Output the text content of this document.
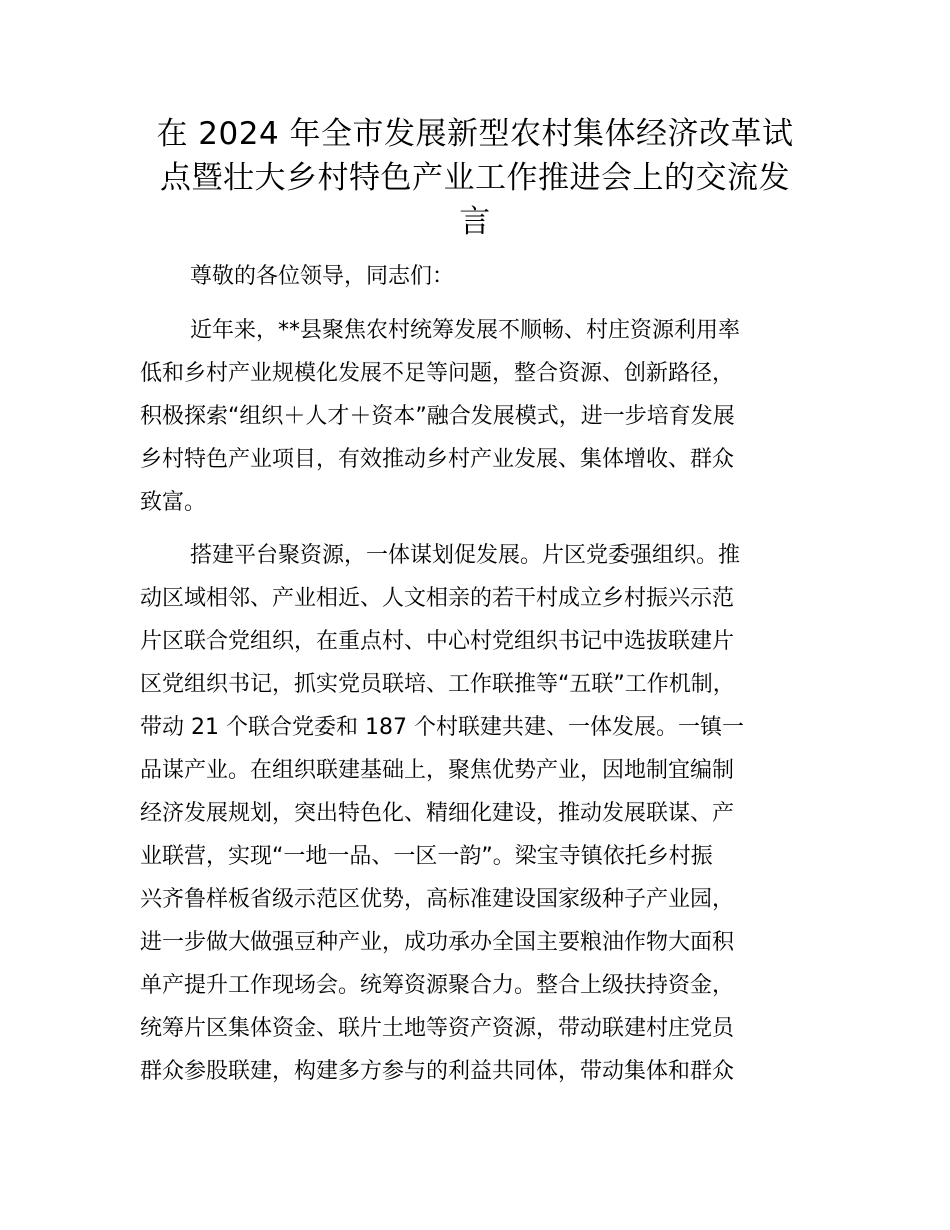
在 2024 年全市发展新型农村集体经济改革试
点暨壮大乡村特色产业工作推进会上的交流发
言
尊敬的各位领导，同志们：
近年来，**县聚焦农村统筹发展不顺畅、村庄资源利用率
低和乡村产业规模化发展不足等问题，整合资源、创新路径，
积极探索“组织＋人才＋资本”融合发展模式，进一步培育发展
乡村特色产业项目，有效推动乡村产业发展、集体增收、群众
致富。
搭建平台聚资源，一体谋划促发展。片区党委强组织。推
动区域相邻、产业相近、人文相亲的若干村成立乡村振兴示范
片区联合党组织，在重点村、中心村党组织书记中选拔联建片
区党组织书记，抓实党员联培、工作联推等“五联”工作机制，
带动 21 个联合党委和 187 个村联建共建、一体发展。一镇一
品谋产业。在组织联建基础上，聚焦优势产业，因地制宜编制
经济发展规划，突出特色化、精细化建设，推动发展联谋、产
业联营，实现“一地一品、一区一韵”。梁宝寺镇依托乡村振
兴齐鲁样板省级示范区优势，高标准建设国家级种子产业园，
进一步做大做强豆种产业，成功承办全国主要粮油作物大面积
单产提升工作现场会。统筹资源聚合力。整合上级扶持资金，
统筹片区集体资金、联片土地等资产资源，带动联建村庄党员
群众参股联建，构建多方参与的利益共同体，带动集体和群众
